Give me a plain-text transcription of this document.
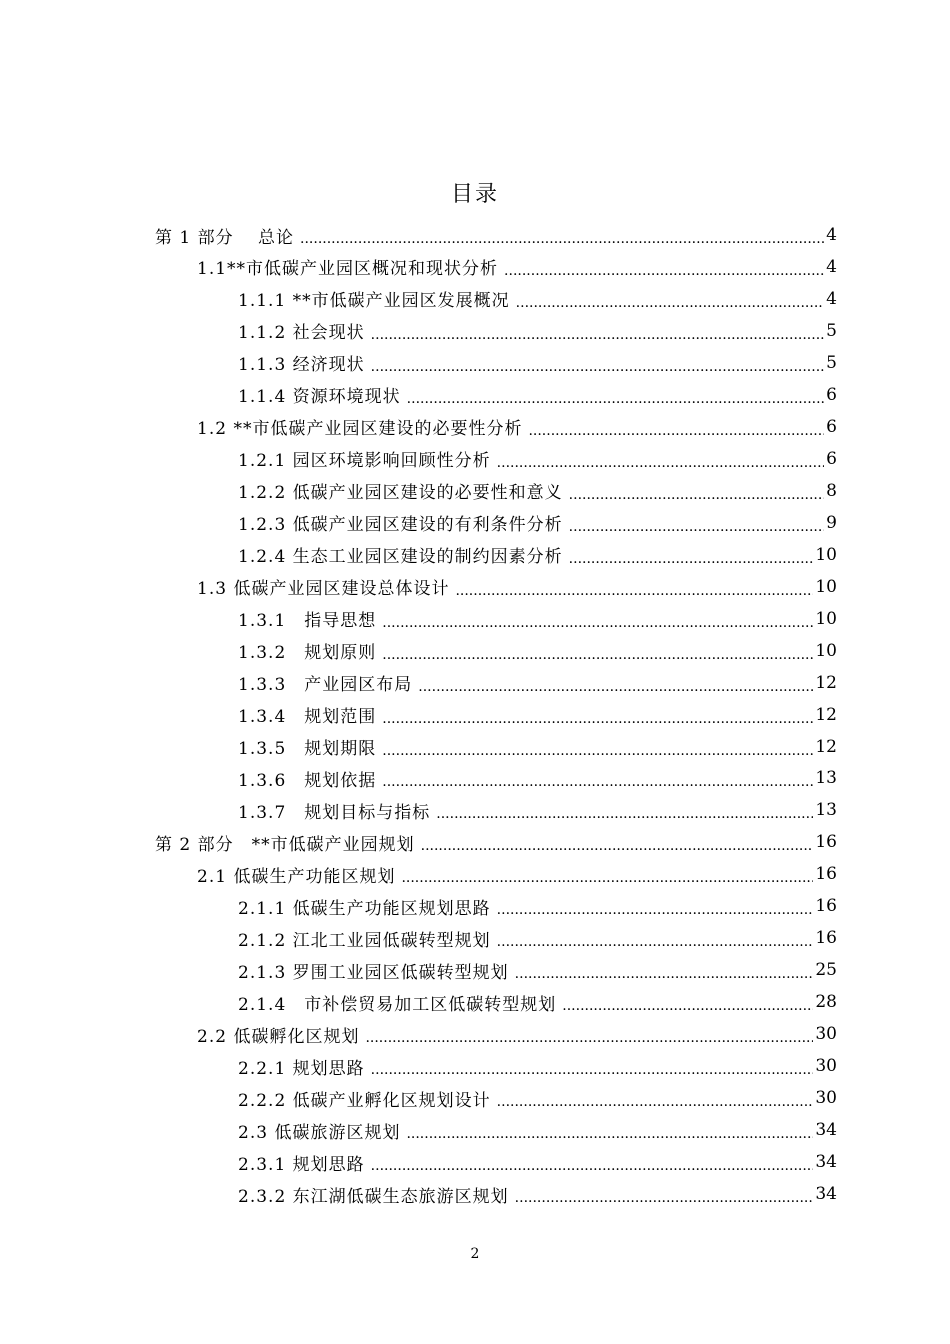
目录
第 1 部分　 总论 .....	4
1.1**市低碳产业园区概况和现状分析 .....	4
1.1.1 **市低碳产业园区发展概况 .....	4
1.1.2 社会现状 .....	5
1.1.3 经济现状 .....	5
1.1.4 资源环境现状 .....	6
1.2 **市低碳产业园区建设的必要性分析 .....	6
1.2.1 园区环境影响回顾性分析 .....	6
1.2.2 低碳产业园区建设的必要性和意义 .....	8
1.2.3 低碳产业园区建设的有利条件分析 .....	9
1.2.4 生态工业园区建设的制约因素分析 .....	10
1.3 低碳产业园区建设总体设计 .....	10
1.3.1　指导思想 .....	10
1.3.2　规划原则 .....	10
1.3.3　产业园区布局 .....	12
1.3.4　规划范围 .....	12
1.3.5　规划期限 .....	12
1.3.6　规划依据 .....	13
1.3.7　规划目标与指标 .....	13
第 2 部分　**市低碳产业园规划 .....	16
2.1 低碳生产功能区规划 .....	16
2.1.1 低碳生产功能区规划思路 .....	16
2.1.2 江北工业园低碳转型规划 .....	16
2.1.3 罗围工业园区低碳转型规划 .....	25
2.1.4　市补偿贸易加工区低碳转型规划 .....	28
2.2 低碳孵化区规划 .....	30
2.2.1 规划思路 .....	30
2.2.2 低碳产业孵化区规划设计 .....	30
2.3 低碳旅游区规划 .....	34
2.3.1 规划思路 .....	34
2.3.2 东江湖低碳生态旅游区规划 .....	34
2
